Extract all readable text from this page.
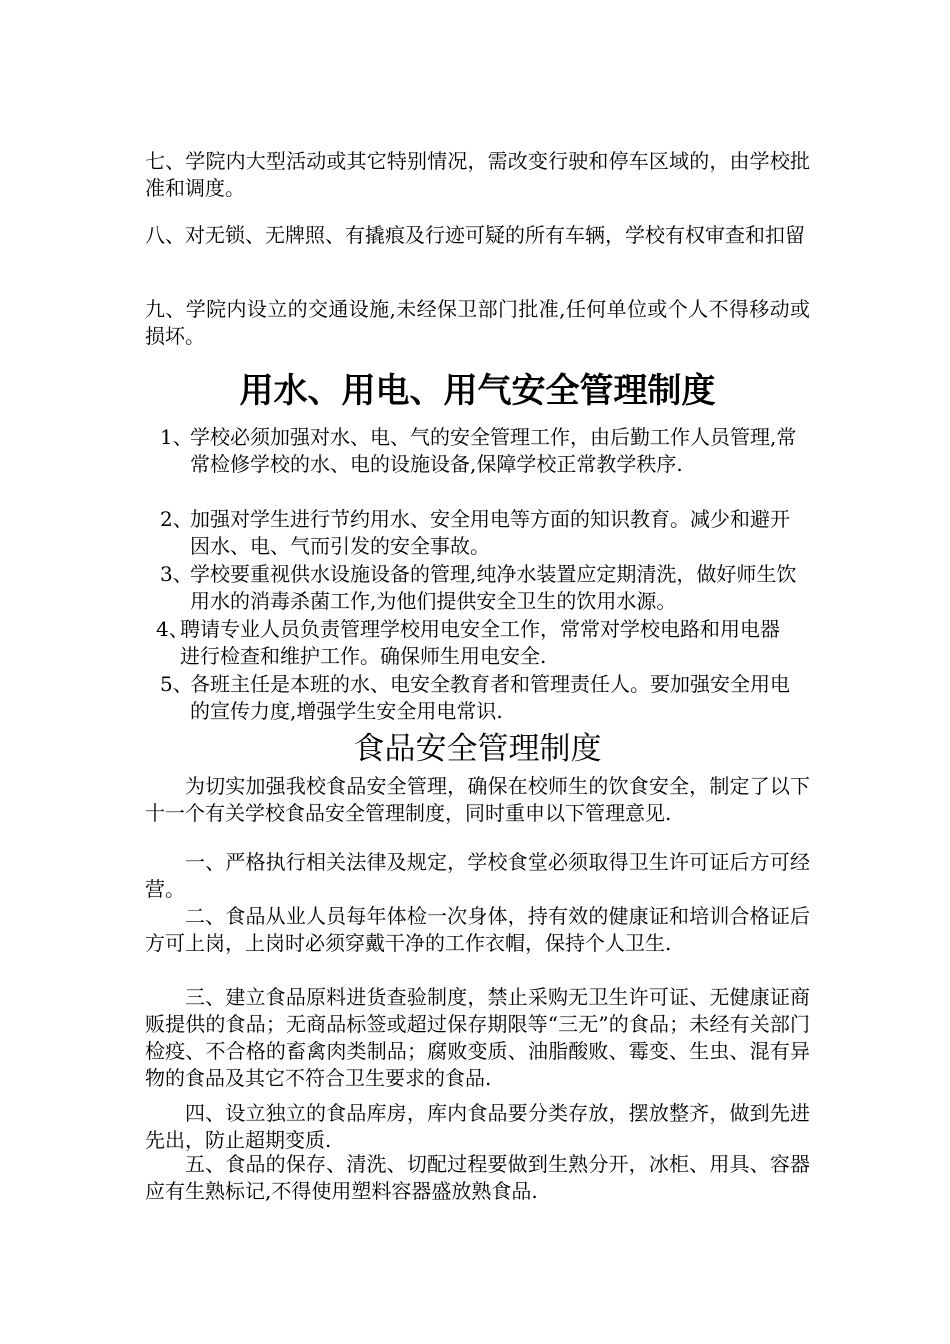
七、学院内大型活动或其它特别情况，需改变行驶和停车区域的，由学校批准和调度。

八、对无锁、无牌照、有撬痕及行迹可疑的所有车辆，学校有权审查和扣留

九、学院内设立的交通设施,未经保卫部门批准,任何单位或个人不得移动或损坏。

用水、用电、用气安全管理制度
1、
学校必须加强对水、电、气的安全管理工作，由后勤工作人员管理,常常检修学校的水、电的设施设备,保障学校正常教学秩序.
2、
加强对学生进行节约用水、安全用电等方面的知识教育。减少和避开因水、电、气而引发的安全事故。
3、
学校要重视供水设施设备的管理,纯净水装置应定期清洗，做好师生饮用水的消毒杀菌工作,为他们提供安全卫生的饮用水源。
4、
聘请专业人员负责管理学校用电安全工作，常常对学校电路和用电器进行检查和维护工作。确保师生用电安全.
5、
各班主任是本班的水、电安全教育者和管理责任人。要加强安全用电的宣传力度,增强学生安全用电常识.
食品安全管理制度

为切实加强我校食品安全管理，确保在校师生的饮食安全，制定了以下十一个有关学校食品安全管理制度，同时重申以下管理意见.

一、严格执行相关法律及规定，学校食堂必须取得卫生许可证后方可经营。

二、食品从业人员每年体检一次身体，持有效的健康证和培训合格证后方可上岗，上岗时必须穿戴干净的工作衣帽，保持个人卫生.

三、建立食品原料进货查验制度，禁止采购无卫生许可证、无健康证商贩提供的食品；无商品标签或超过保存期限等“三无”的食品；未经有关部门检疫、不合格的畜禽肉类制品；腐败变质、油脂酸败、霉变、生虫、混有异物的食品及其它不符合卫生要求的食品.

四、设立独立的食品库房，库内食品要分类存放，摆放整齐，做到先进先出，防止超期变质.

五、食品的保存、清洗、切配过程要做到生熟分开，冰柜、用具、容器应有生熟标记,不得使用塑料容器盛放熟食品.
